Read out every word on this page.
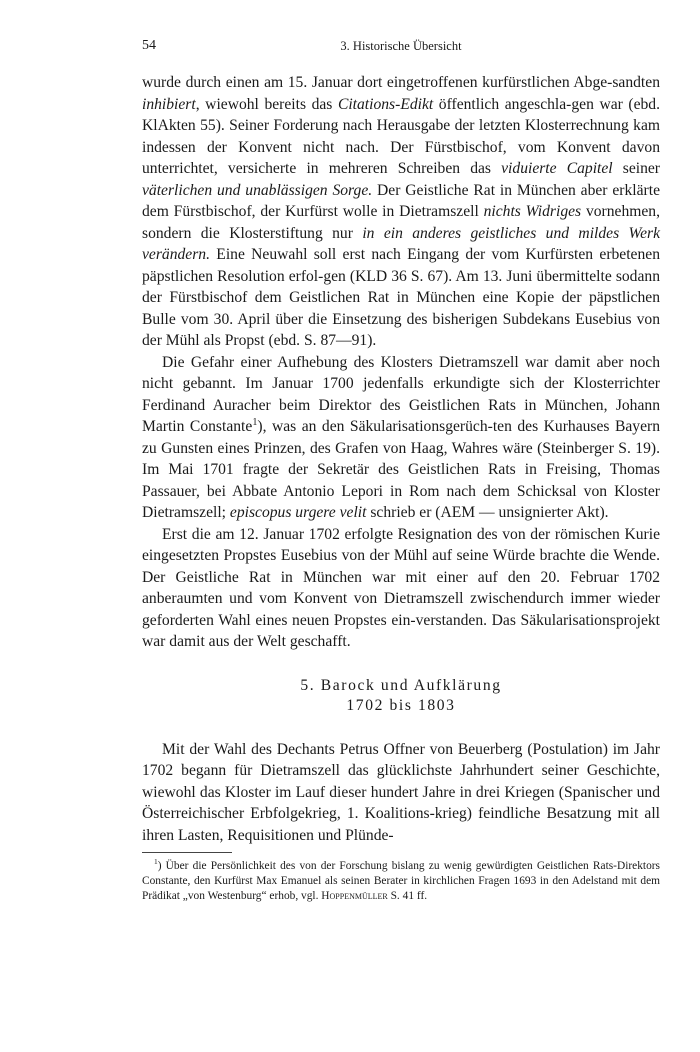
54	3. Historische Übersicht

wurde durch einen am 15. Januar dort eingetroffenen kurfürstlichen Abge-sandten inhibiert, wiewohl bereits das Citations-Edikt öffentlich angeschla-gen war (ebd. KlAkten 55). Seiner Forderung nach Herausgabe der letzten Klosterrechnung kam indessen der Konvent nicht nach. Der Fürstbischof, vom Konvent davon unterrichtet, versicherte in mehreren Schreiben das viduierte Capitel seiner väterlichen und unablässigen Sorge. Der Geistliche Rat in München aber erklärte dem Fürstbischof, der Kurfürst wolle in Dietramszell nichts Widriges vornehmen, sondern die Klosterstiftung nur in ein anderes geistliches und mildes Werk verändern. Eine Neuwahl soll erst nach Eingang der vom Kurfürsten erbetenen päpstlichen Resolution erfol-gen (KLD 36 S. 67). Am 13. Juni übermittelte sodann der Fürstbischof dem Geistlichen Rat in München eine Kopie der päpstlichen Bulle vom 30. April über die Einsetzung des bisherigen Subdekans Eusebius von der Mühl als Propst (ebd. S. 87—91).

Die Gefahr einer Aufhebung des Klosters Dietramszell war damit aber noch nicht gebannt. Im Januar 1700 jedenfalls erkundigte sich der Klosterrichter Ferdinand Auracher beim Direktor des Geistlichen Rats in München, Johann Martin Constante$^1$), was an den Säkularisationsgerüch-ten des Kurhauses Bayern zu Gunsten eines Prinzen, des Grafen von Haag, Wahres wäre (Steinberger S. 19). Im Mai 1701 fragte der Sekretär des Geistlichen Rats in Freising, Thomas Passauer, bei Abbate Antonio Lepori in Rom nach dem Schicksal von Kloster Dietramszell; episcopus urgere velit schrieb er (AEM — unsignierter Akt).

Erst die am 12. Januar 1702 erfolgte Resignation des von der römischen Kurie eingesetzten Propstes Eusebius von der Mühl auf seine Würde brachte die Wende. Der Geistliche Rat in München war mit einer auf den 20. Februar 1702 anberaumten und vom Konvent von Dietramszell zwischendurch immer wieder geforderten Wahl eines neuen Propstes ein-verstanden. Das Säkularisationsprojekt war damit aus der Welt geschafft.

5. Barock und Aufklärung
1702 bis 1803

Mit der Wahl des Dechants Petrus Offner von Beuerberg (Postulation) im Jahr 1702 begann für Dietramszell das glücklichste Jahrhundert seiner Geschichte, wiewohl das Kloster im Lauf dieser hundert Jahre in drei Kriegen (Spanischer und Österreichischer Erbfolgekrieg, 1. Koalitions-krieg) feindliche Besatzung mit all ihren Lasten, Requisitionen und Plünde-

$^1$) Über die Persönlichkeit des von der Forschung bislang zu wenig gewürdigten Geistlichen Rats-Direktors Constante, den Kurfürst Max Emanuel als seinen Berater in kirchlichen Fragen 1693 in den Adelstand mit dem Prädikat „von Westenburg“ erhob, vgl. Hoppenmüller S. 41 ff.
